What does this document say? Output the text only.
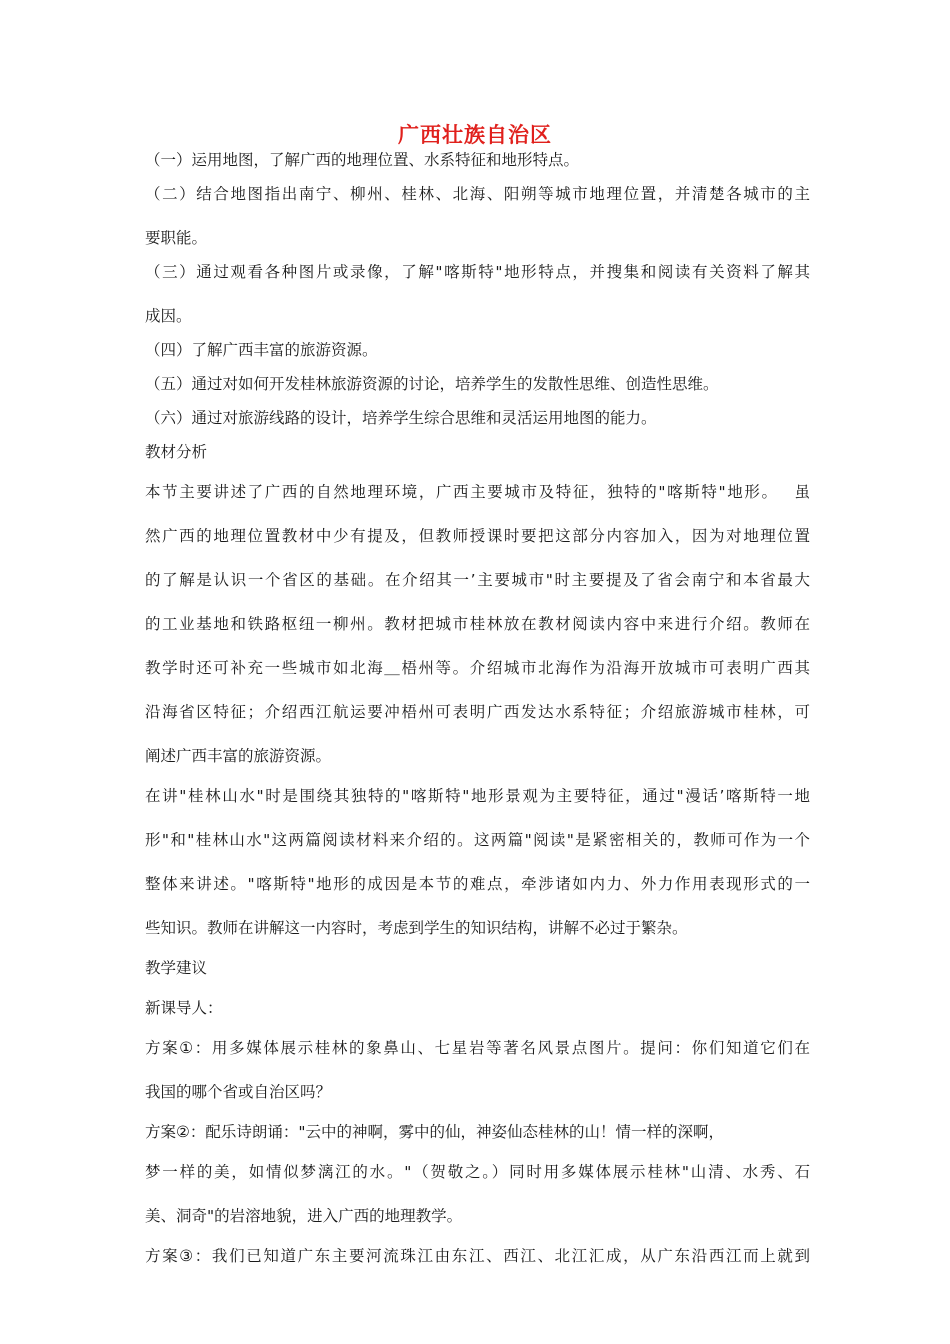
广西壮族自治区
（一）运用地图，了解广西的地理位置、水系特征和地形特点。
（二）结合地图指出南宁、柳州、桂林、北海、阳朔等城市地理位置，并清楚各城市的主
要职能。
（三）通过观看各种图片或录像，了解"喀斯特"地形特点，并搜集和阅读有关资料了解其
成因。
（四）了解广西丰富的旅游资源。
（五）通过对如何开发桂林旅游资源的讨论，培养学生的发散性思维、创造性思维。
（六）通过对旅游线路的设计，培养学生综合思维和灵活运用地图的能力。
教材分析
本节主要讲述了广西的自然地理环境，广西主要城市及特征，独特的"喀斯特"地形。　 虽
然广西的地理位置教材中少有提及，但教师授课时要把这部分内容加入，因为对地理位置
的了解是认识一个省区的基础。在介绍其一’主要城市"时主要提及了省会南宁和本省最大
的工业基地和铁路枢纽一柳州。教材把城市桂林放在教材阅读内容中来进行介绍。教师在
教学时还可补充一些城市如北海＿梧州等。介绍城市北海作为沿海开放城市可表明广西其
沿海省区特征；介绍西江航运要冲梧州可表明广西发达水系特征；介绍旅游城市桂林，可
阐述广西丰富的旅游资源。
在讲"桂林山水"时是围绕其独特的"喀斯特"地形景观为主要特征，通过"漫话’喀斯特一地
形"和"桂林山水"这两篇阅读材料来介绍的。这两篇"阅读"是紧密相关的，教师可作为一个
整体来讲述。"喀斯特"地形的成因是本节的难点，牵涉诸如内力、外力作用表现形式的一
些知识。教师在讲解这一内容时，考虑到学生的知识结构，讲解不必过于繁杂。
教学建议
新课导人：
方案①：用多媒体展示桂林的象鼻山、七星岩等著名风景点图片。提问：你们知道它们在
我国的哪个省或自治区吗？
方案②：配乐诗朗诵："云中的神啊，雾中的仙，神姿仙态桂林的山！情一样的深啊，
梦一样的美，如情似梦漓江的水。"（贺敬之。）同时用多媒体展示桂林"山清、水秀、石
美、洞奇"的岩溶地貌，进入广西的地理教学。
方案③：我们已知道广东主要河流珠江由东江、西江、北江汇成，从广东沿西江而上就到
